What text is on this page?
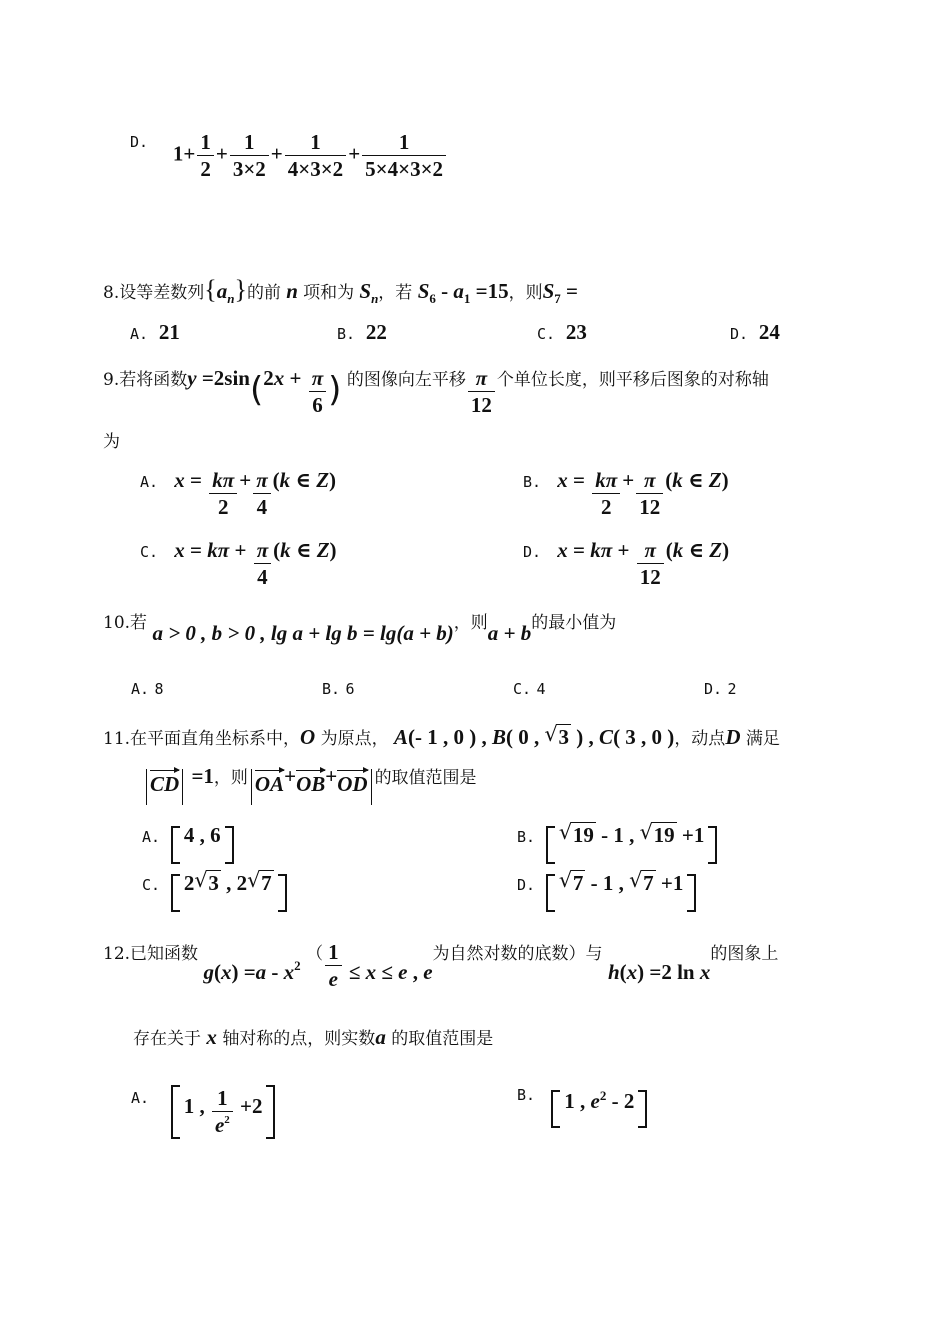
D. $1+ \frac{1}{2} + \frac{1}{3\times 2} + \frac{1}{4\times 3\times 2} + \frac{1}{5\times 4\times 3\times 2}$
8.设等差数列$\{a_n\}$的前 n 项和为 $S_n$，若 $S_6 - a_1 =15$，则$S_7$ =
A. 21	B. 22	C. 23	D. 24
9.若将函数$y =2\sin(2x + \frac{\pi}{6}$ ) 的图像向左平移 $\frac{\pi}{12}$ 个单位长度，则平移后图象的对称轴
为
A. $x = \frac{k\pi}{2} + \frac{\pi}{4} (k$ ∈ Z)	B. $x = \frac{k\pi}{2} + \frac{\pi}{12} (k$ ∈ Z)
C. $x = k\pi + \frac{\pi}{4} (k$ ∈ Z)	D. $x = k\pi + \frac{\pi}{12} (k$ ∈ Z)
10.若 a > 0 , b > 0 , lg a + lg b = lg(a + b)，则a + b的最小值为
A. 8	B. 6	C. 4	D. 2
11.在平面直角坐标系中，O 为原点， A(- 1 , 0 ) , B( 0 , √ 3 ) , C( 3 , 0 )，动点D 满足
CD =1，则 OA+OB+OD 的取值范围是
A. 4 , 6	B. √ 19 - 1 , √ 19 +1
C. 2 √ 3 , 2 √ 7	D. √ 7 - 1 , √ 7 +1
12.已知函数 g(x) =a - x2 （ $\frac{1}{e} \le x \le e$ , e为自然对数的底数）与 h(x) =2 ln x的图象上
存在关于 x 轴对称的点，则实数a 的取值范围是
A. 1 , $\frac{1}{e^2} +2$	B. 1 , $e^2 - 2$
